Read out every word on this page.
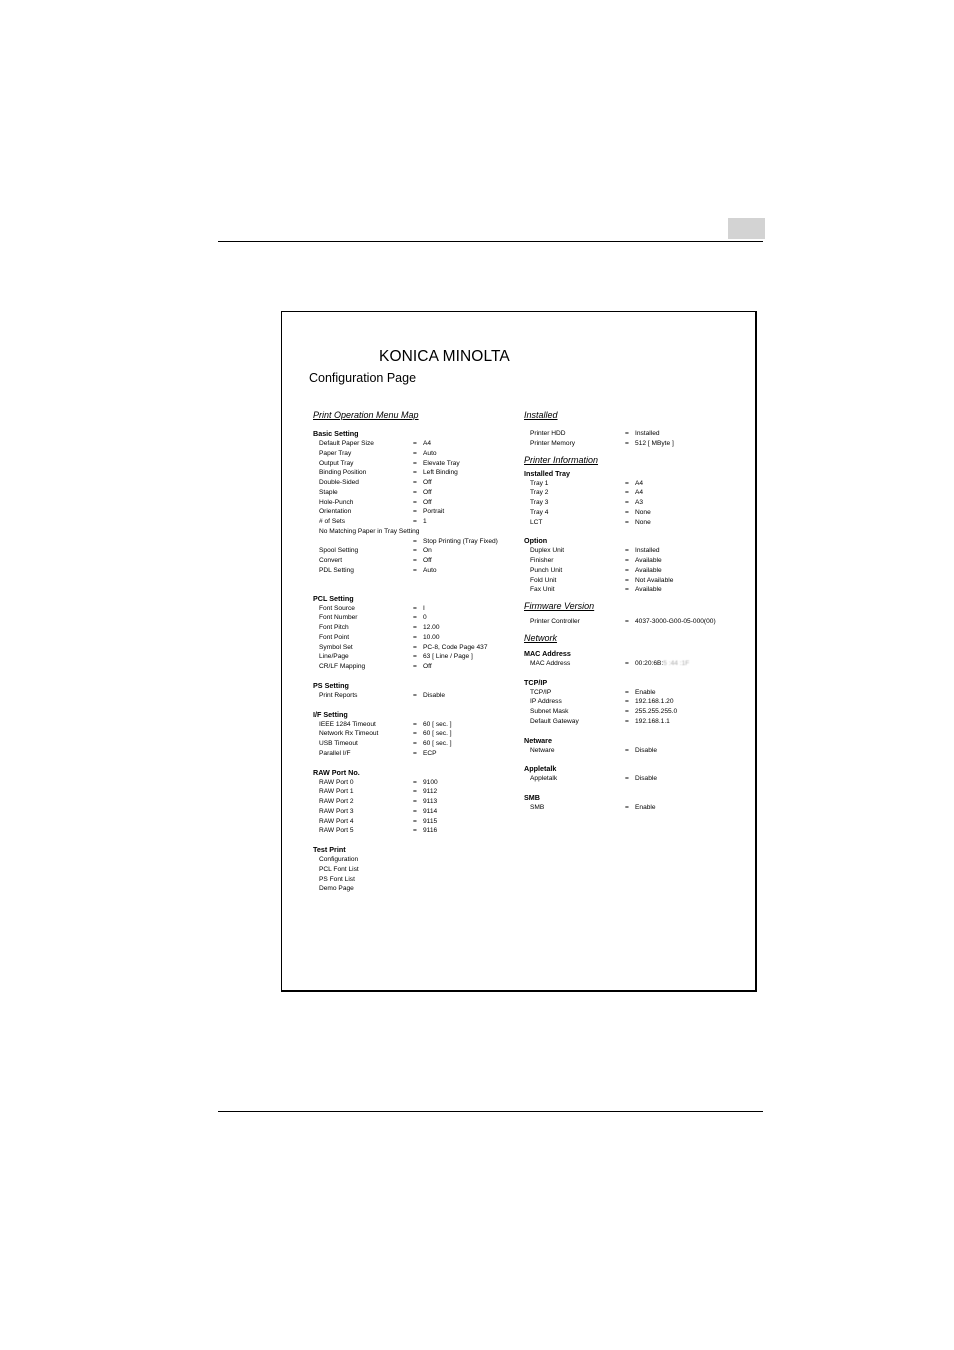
KONICA MINOLTA
Configuration Page
Print Operation Menu Map
Basic Setting
Default Paper Size	= A4
Paper Tray	= Auto
Output Tray	= Elevate Tray
Binding Position	= Left Binding
Double-Sided	= Off
Staple	= Off
Hole-Punch	= Off
Orientation	= Portrait
# of Sets	= 1
No Matching Paper in Tray Setting
= Stop Printing (Tray Fixed)
Spool Setting	= On
Convert	= Off
PDL Setting	= Auto
PCL Setting
Font Source	= I
Font Number	= 0
Font Pitch	= 12.00
Font Point	= 10.00
Symbol Set	= PC-8, Code Page 437
Line/Page	= 63 [ Line / Page ]
CR/LF Mapping	= Off
PS Setting
Print Reports	= Disable
I/F Setting
IEEE 1284 Timeout	= 60 [ sec. ]
Network Rx Timeout	= 60 [ sec. ]
USB Timeout	= 60 [ sec. ]
Parallel I/F	= ECP
RAW Port No.
RAW Port 0	= 9100
RAW Port 1	= 9112
RAW Port 2	= 9113
RAW Port 3	= 9114
RAW Port 4	= 9115
RAW Port 5	= 9116
Test Print
Configuration
PCL Font List
PS Font List
Demo Page
Installed
Printer HDD	= Installed
Printer Memory	= 512 [ MByte ]
Printer Information
Installed Tray
Tray 1	= A4
Tray 2	= A4
Tray 3	= A3
Tray 4	= None
LCT	= None
Option
Duplex Unit	= Installed
Finisher	= Available
Punch Unit	= Available
Fold Unit	= Not Available
Fax Unit	= Available
Firmware Version
Printer Controller	= 4037-3000-G00-05-000(00)
Network
MAC Address
MAC Address	= 00:20:6B:5 :44 :1F
TCP/IP
TCP/IP	= Enable
IP Address	= 192.168.1.20
Subnet Mask	= 255.255.255.0
Default Gateway	= 192.168.1.1
Netware
Netware	= Disable
Appletalk
Appletalk	= Disable
SMB
SMB	= Enable
